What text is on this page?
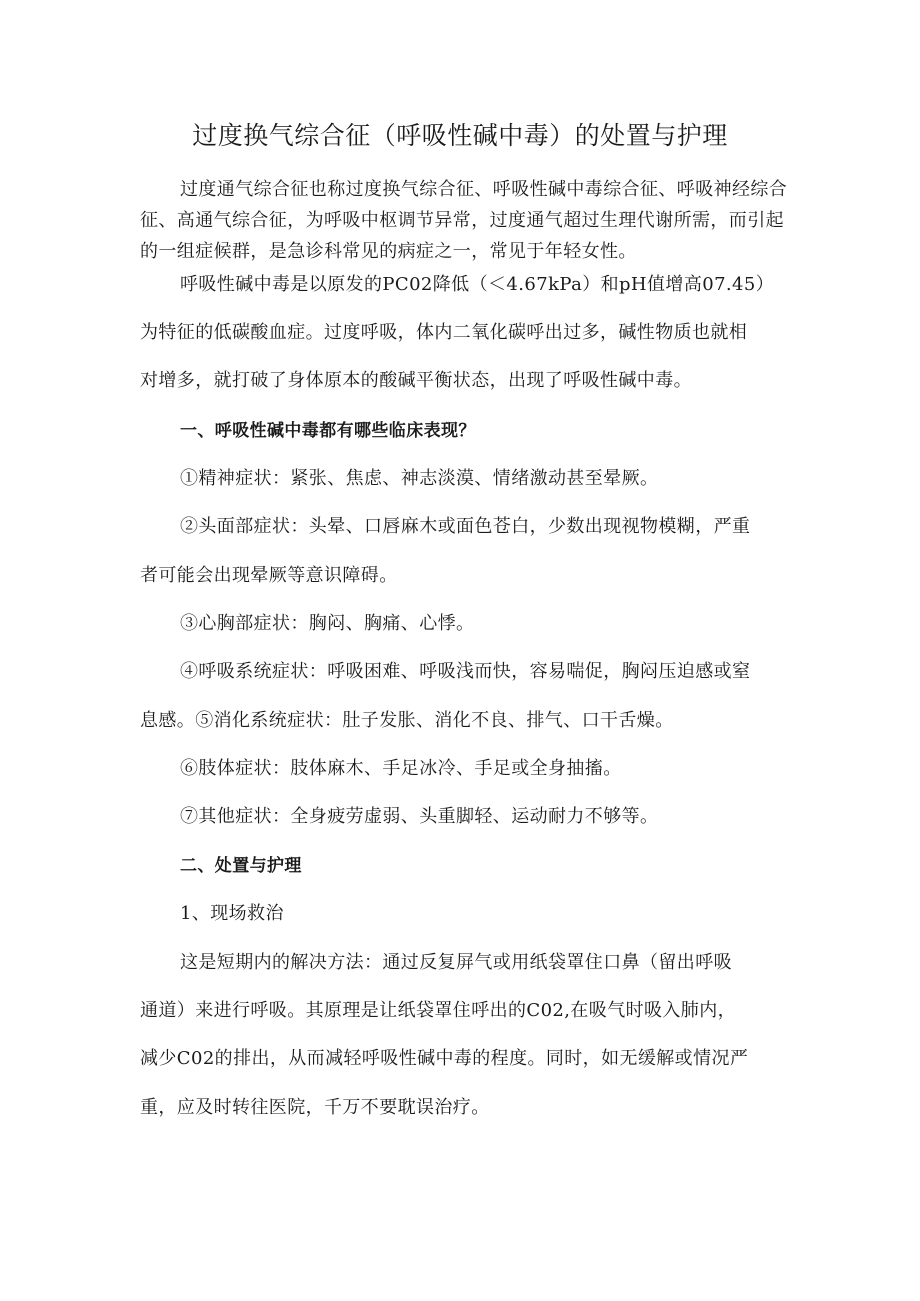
过度换气综合征（呼吸性碱中毒）的处置与护理

过度通气综合征也称过度换气综合征、呼吸性碱中毒综合征、呼吸神经综合征、高通气综合征，为呼吸中枢调节异常，过度通气超过生理代谢所需，而引起的一组症候群，是急诊科常见的病症之一，常见于年轻女性。

呼吸性碱中毒是以原发的PC02降低（＜4.67kPa）和pH值增高07.45）

为特征的低碳酸血症。过度呼吸，体内二氧化碳呼出过多，碱性物质也就相

对增多，就打破了身体原本的酸碱平衡状态，出现了呼吸性碱中毒。

一、呼吸性碱中毒都有哪些临床表现？

①精神症状：紧张、焦虑、神志淡漠、情绪激动甚至晕厥。

②头面部症状：头晕、口唇麻木或面色苍白，少数出现视物模糊，严重

者可能会出现晕厥等意识障碍。

③心胸部症状：胸闷、胸痛、心悸。

④呼吸系统症状：呼吸困难、呼吸浅而快，容易喘促，胸闷压迫感或窒

息感。⑤消化系统症状：肚子发胀、消化不良、排气、口干舌燥。

⑥肢体症状：肢体麻木、手足冰冷、手足或全身抽搐。

⑦其他症状：全身疲劳虚弱、头重脚轻、运动耐力不够等。

二、处置与护理

1、现场救治

这是短期内的解决方法：通过反复屏气或用纸袋罩住口鼻（留出呼吸

通道）来进行呼吸。其原理是让纸袋罩住呼出的C02,在吸气时吸入肺内，

减少C02的排出，从而减轻呼吸性碱中毒的程度。同时，如无缓解或情况严

重，应及时转往医院，千万不要耽误治疗。
